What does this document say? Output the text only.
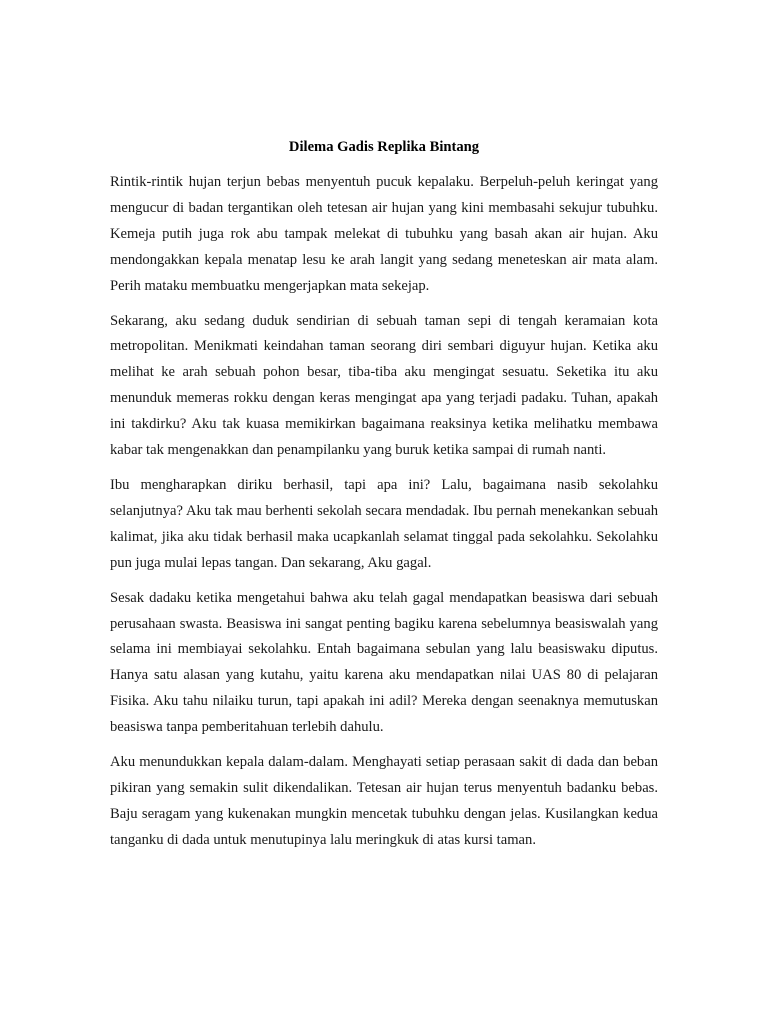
Dilema Gadis Replika Bintang

Rintik-rintik hujan terjun bebas menyentuh pucuk kepalaku. Berpeluh-peluh keringat yang mengucur di badan tergantikan oleh tetesan air hujan yang kini membasahi sekujur tubuhku. Kemeja putih juga rok abu tampak melekat di tubuhku yang basah akan air hujan. Aku mendongakkan kepala menatap lesu ke arah langit yang sedang meneteskan air mata alam. Perih mataku membuatku mengerjapkan mata sekejap.

Sekarang, aku sedang duduk sendirian di sebuah taman sepi di tengah keramaian kota metropolitan. Menikmati keindahan taman seorang diri sembari diguyur hujan. Ketika aku melihat ke arah sebuah pohon besar, tiba-tiba aku mengingat sesuatu. Seketika itu aku menunduk memeras rokku dengan keras mengingat apa yang terjadi padaku. Tuhan, apakah ini takdirku? Aku tak kuasa memikirkan bagaimana reaksinya ketika melihatku membawa kabar tak mengenakkan dan penampilanku yang buruk ketika sampai di rumah nanti.

Ibu mengharapkan diriku berhasil, tapi apa ini? Lalu, bagaimana nasib sekolahku selanjutnya? Aku tak mau berhenti sekolah secara mendadak. Ibu pernah menekankan sebuah kalimat, jika aku tidak berhasil maka ucapkanlah selamat tinggal pada sekolahku. Sekolahku pun juga mulai lepas tangan. Dan sekarang, Aku gagal.

Sesak dadaku ketika mengetahui bahwa aku telah gagal mendapatkan beasiswa dari sebuah perusahaan swasta. Beasiswa ini sangat penting bagiku karena sebelumnya beasiswalah yang selama ini membiayai sekolahku. Entah bagaimana sebulan yang lalu beasiswaku diputus. Hanya satu alasan yang kutahu, yaitu karena aku mendapatkan nilai UAS 80 di pelajaran Fisika. Aku tahu nilaiku turun, tapi apakah ini adil? Mereka dengan seenaknya memutuskan beasiswa tanpa pemberitahuan terlebih dahulu.

Aku menundukkan kepala dalam-dalam. Menghayati setiap perasaan sakit di dada dan beban pikiran yang semakin sulit dikendalikan. Tetesan air hujan terus menyentuh badanku bebas. Baju seragam yang kukenakan mungkin mencetak tubuhku dengan jelas. Kusilangkan kedua tanganku di dada untuk menutupinya lalu meringkuk di atas kursi taman.
